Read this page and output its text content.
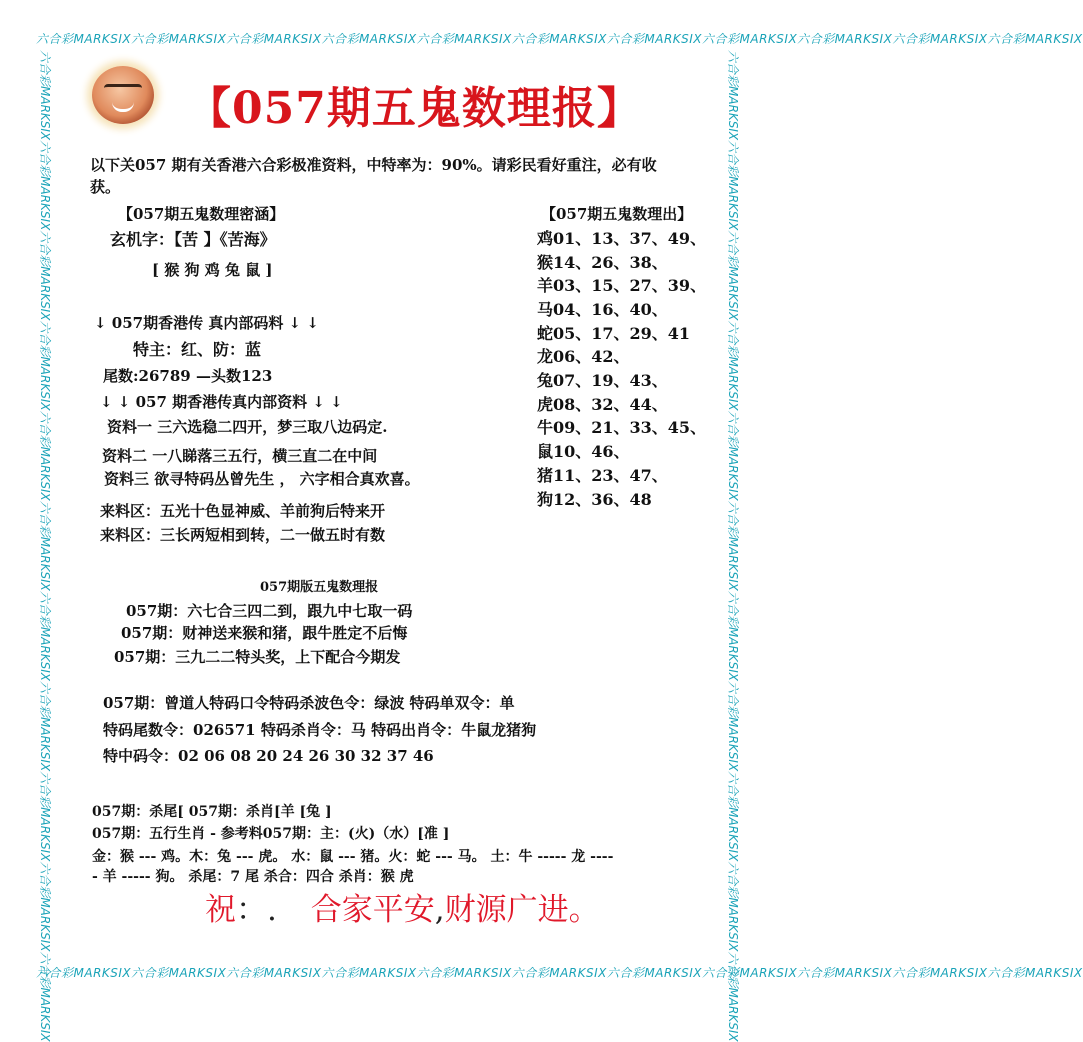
六合彩MARKSIX六合彩MARKSIX六合彩MARKSIX六合彩MARKSIX六合彩MARKSIX六合彩MARKSIX六合彩MARKSIX六合彩MARKSIX六合彩MARKSIX六合彩MARKSIX六合彩MARKSIX
六合彩MARKSIX六合彩MARKSIX六合彩MARKSIX六合彩MARKSIX六合彩MARKSIX六合彩MARKSIX六合彩MARKSIX六合彩MARKSIX六合彩MARKSIX六合彩MARKSIX六合彩MARKSIX
六合彩MARKSIX六合彩MARKSIX六合彩MARKSIX六合彩MARKSIX六合彩MARKSIX六合彩MARKSIX六合彩MARKSIX六合彩MARKSIX六合彩MARKSIX六合彩MARKSIX六合彩MARKSIX	六合彩MARKSIX六合彩MARKSIX六合彩MARKSIX六合彩MARKSIX六合彩MARKSIX六合彩MARKSIX六合彩MARKSIX六合彩MARKSIX六合彩MARKSIX六合彩MARKSIX六合彩MARKSIX
【057期五鬼数理报】
以下关057 期有关香港六合彩极准资料，中特率为：90%。请彩民看好重注，必有收
获。
【057期五鬼数理密涵】
玄机字：【苦 】《苦海》
[ 猴 狗 鸡 兔 鼠 ]
【057期五鬼数理出】
鸡01、13、37、49、
猴14、26、38、
羊03、15、27、39、
马04、16、40、
蛇05、17、29、41
龙06、42、
兔07、19、43、
虎08、32、44、
牛09、21、33、45、
鼠10、46、
猪11、23、47、
狗12、36、48
↓ 057期香港传 真内部码料 ↓ ↓
特主：红、防：蓝
尾数:26789 —头数123
↓ ↓ 057 期香港传真内部资料 ↓ ↓
资料一 三六选稳二四开，梦三取八边码定.
资料二 一八睇落三五行，横三直二在中间
资料三 欲寻特码丛曾先生 ， 六字相合真欢喜。
来料区：五光十色显神威、羊前狗后特来开
来料区：三长两短相到转，二一做五时有数
057期版五鬼数理报
057期：六七合三四二到，跟九中七取一码
057期：财神送来猴和猪，跟牛胜定不后悔
057期：三九二二特头奖，上下配合今期发
057期：曾道人特码口令特码杀波色令：绿波 特码单双令：单
特码尾数令：026571 特码杀肖令：马 特码出肖令：牛鼠龙猪狗
特中码令：02 06 08 20 24 26 30 32 37 46
057期：杀尾[ 057期：杀肖[羊 [兔 ]
057期：五行生肖 - 参考料057期：主：(火)（水）[准 ]
金：猴 --- 鸡。木：兔 --- 虎。 水：鼠 --- 猪。火：蛇 --- 马。 土：牛 ----- 龙 ----
- 羊 ----- 狗。 杀尾：7 尾 杀合：四合 杀肖：猴 虎
祝：. 合家平安,财源广进。
